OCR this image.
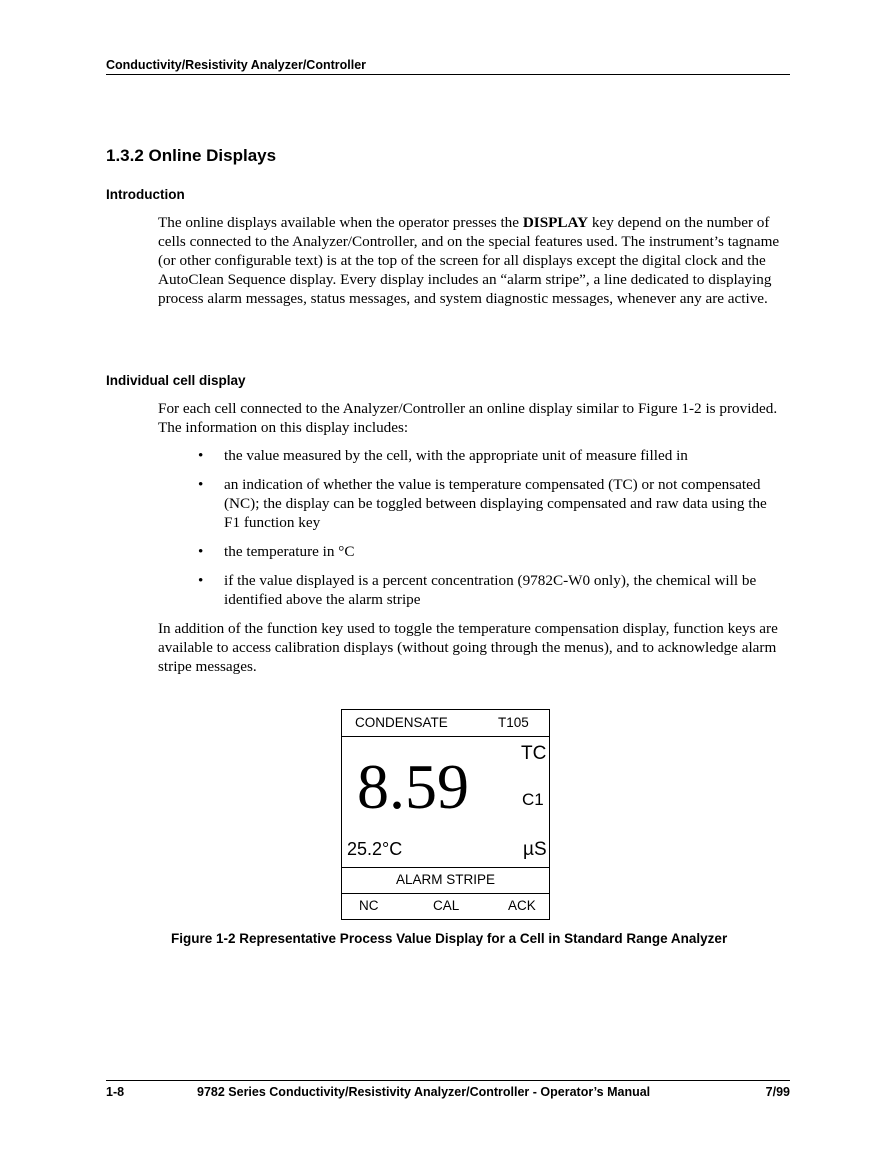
Conductivity/Resistivity Analyzer/Controller
1.3.2 Online Displays
Introduction
The online displays available when the operator presses the DISPLAY key depend on the number of cells connected to the Analyzer/Controller, and on the special features used. The instrument’s tagname (or other configurable text) is at the top of the screen for all displays except the digital clock and the AutoClean Sequence display. Every display includes an “alarm stripe”, a line dedicated to displaying process alarm messages, status messages, and system diagnostic messages, whenever any are active.
Individual cell display
For each cell connected to the Analyzer/Controller an online display similar to Figure 1-2 is provided. The information on this display includes:
• the value measured by the cell, with the appropriate unit of measure filled in
• an indication of whether the value is temperature compensated (TC) or not compensated (NC); the display can be toggled between displaying compensated and raw data using the F1 function key
• the temperature in °C
• if the value displayed is a percent concentration (9782C-W0 only), the chemical will be identified above the alarm stripe
In addition of the function key used to toggle the temperature compensation display, function keys are available to access calibration displays (without going through the menus), and to acknowledge alarm stripe messages.
CONDENSATE	T105
8.59	TC
C1
25.2°C	µS
ALARM STRIPE
NC	CAL	ACK
Figure 1-2 Representative Process Value Display for a Cell in Standard Range Analyzer
1-8	9782 Series Conductivity/Resistivity Analyzer/Controller - Operator’s Manual	7/99
